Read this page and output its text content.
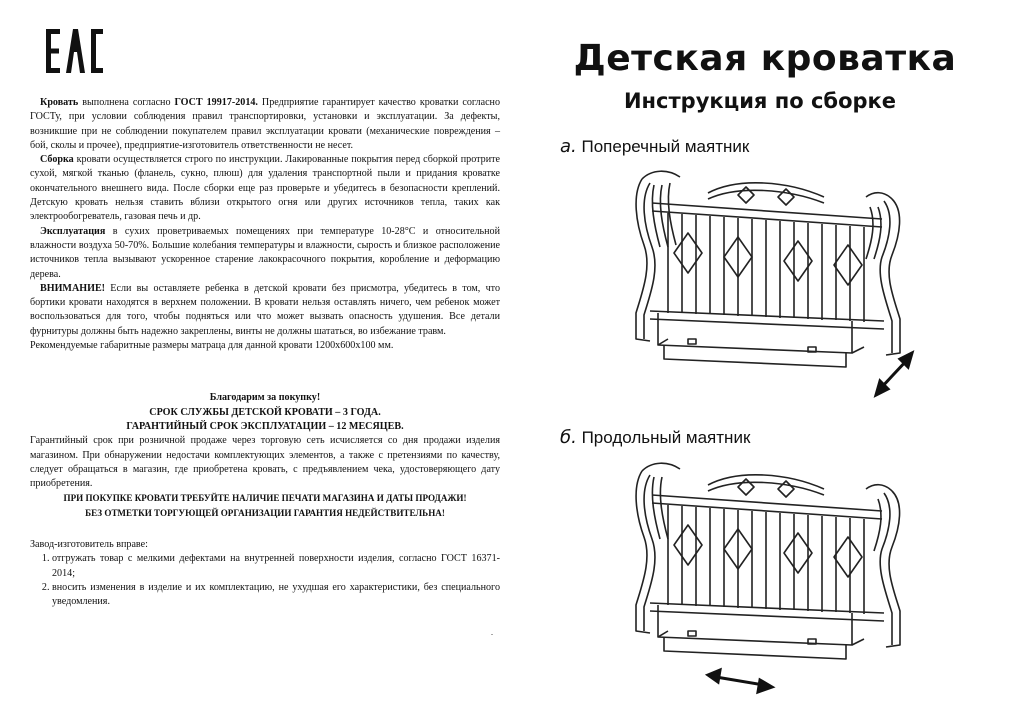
Кровать выполнена согласно ГОСТ 19917-2014. Предприятие гарантирует качество кроватки согласно ГОСТу, при условии соблюдения правил транспортировки, установки и эксплуатации. За дефекты, возникшие при не соблюдении покупателем правил эксплуатации кровати (механические повреждения – бой, сколы и прочее), предприятие-изготовитель ответственности не несет.

Сборка кровати осуществляется строго по инструкции. Лакированные покрытия перед сборкой протрите сухой, мягкой тканью (фланель, сукно, плюш) для удаления транспортной пыли и придания кроватке окончательного внешнего вида. После сборки еще раз проверьте и убедитесь в безопасности креплений. Детскую кровать нельзя ставить вблизи открытого огня или других источников тепла, таких как электрообогреватель, газовая печь и др.

Эксплуатация в сухих проветриваемых помещениях при температуре 10-28°С и относительной влажности воздуха 50-70%. Большие колебания температуры и влажности, сырость и близкое расположение источников тепла вызывают ускоренное старение лакокрасочного покрытия, коробление и деформацию дерева.

ВНИМАНИЕ! Если вы оставляете ребенка в детской кровати без присмотра, убедитесь в том, что бортики кровати находятся в верхнем положении. В кровати нельзя оставлять ничего, чем ребенок может воспользоваться для того, чтобы подняться или что может вызвать опасность удушения. Все детали фурнитуры должны быть надежно закреплены, винты не должны шататься, во избежание травм.

Рекомендуемые габаритные размеры матраца для данной кровати 1200х600х100 мм.

Благодарим за покупку!

СРОК СЛУЖБЫ ДЕТСКОЙ КРОВАТИ – 3 ГОДА.

ГАРАНТИЙНЫЙ СРОК ЭКСПЛУАТАЦИИ – 12 МЕСЯЦЕВ.

Гарантийный срок при розничной продаже через торговую сеть исчисляется со дня продажи изделия магазином. При обнаружении недостачи комплектующих элементов, а также с претензиями по качеству, следует обращаться в магазин, где приобретена кровать, с предъявлением чека, удостоверяющего дату приобретения.

ПРИ ПОКУПКЕ КРОВАТИ ТРЕБУЙТЕ НАЛИЧИЕ ПЕЧАТИ МАГАЗИНА И ДАТЫ ПРОДАЖИ!

БЕЗ ОТМЕТКИ ТОРГУЮЩЕЙ ОРГАНИЗАЦИИ ГАРАНТИЯ НЕДЕЙСТВИТЕЛЬНА!

Завод-изготовитель вправе:

1. отгружать товар с мелкими дефектами на внутренней поверхности изделия, согласно ГОСТ 16371-2014;
2. вносить изменения в изделие и их комплектацию, не ухудшая его характеристики, без специального уведомления.
.
Детская кроватка
Инструкция по сборке
а. Поперечный маятник
б. Продольный маятник
